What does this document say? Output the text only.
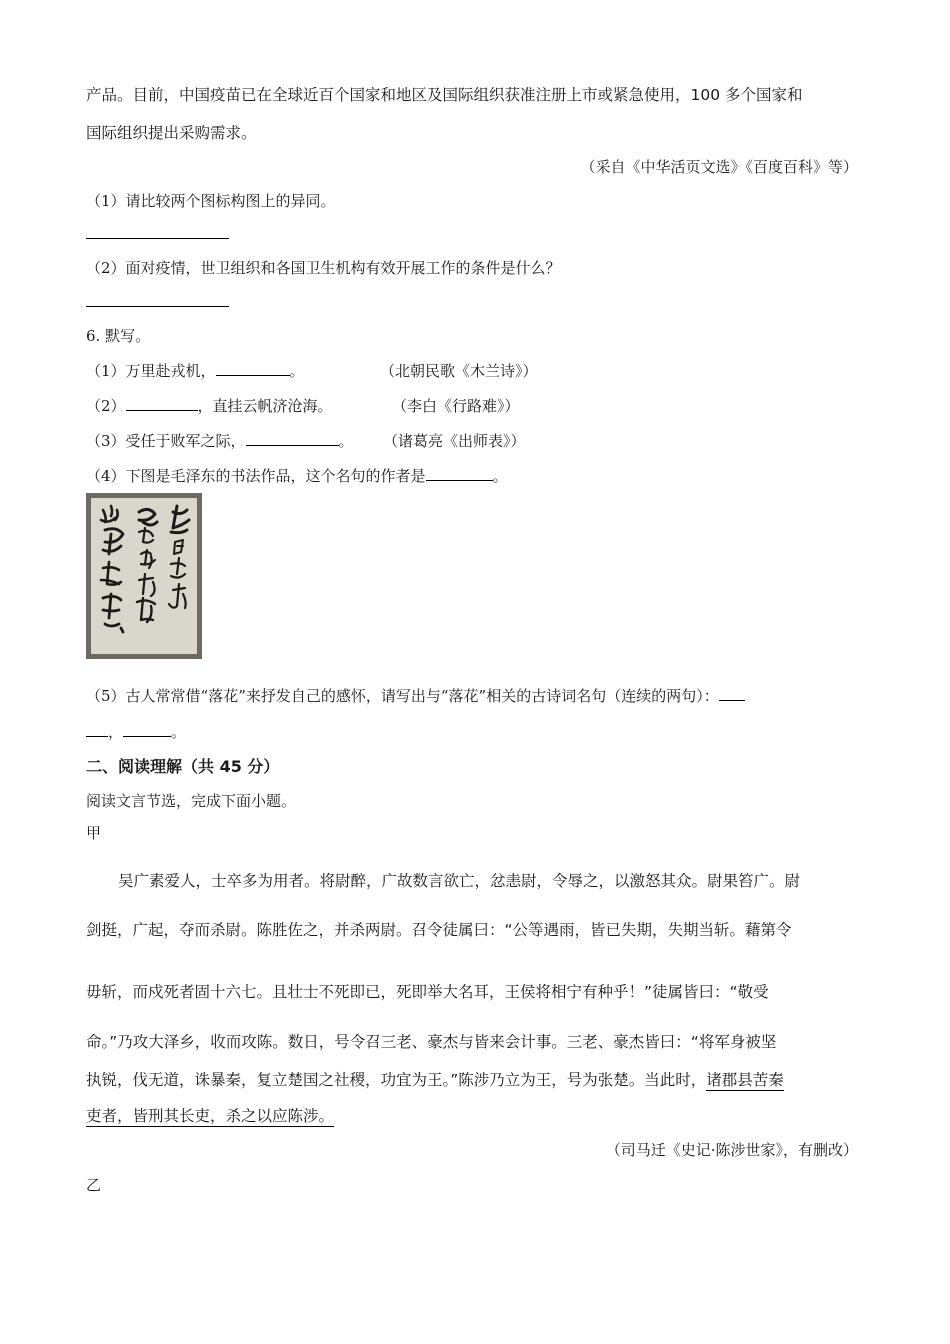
产品。目前，中国疫苗已在全球近百个国家和地区及国际组织获准注册上市或紧急使用，100 多个国家和
国际组织提出采购需求。
（采自《中华活页文选》《百度百科》等）
（1）请比较两个图标构图上的异同。
（2）面对疫情，世卫组织和各国卫生机构有效开展工作的条件是什么？
6. 默写。
（1）万里赴戎机，	。	（北朝民歌《木兰诗》）
（2）	，直挂云帆济沧海。	（李白《行路难》）
（3）受任于败军之际，	。 （诸葛亮《出师表》）
（4）下图是毛泽东的书法作品，这个名句的作者是	。
（5）古人常常借“落花”来抒发自己的感怀，请写出与“落花”相关的古诗词名句（连续的两句）：
，	。
二、阅读理解（共 45 分）
阅读文言节选，完成下面小题。
甲
吴广素爱人，士卒多为用者。将尉醉，广故数言欲亡，忿恚尉，令辱之，以激怒其众。尉果笞广。尉
剑挺，广起，夺而杀尉。陈胜佐之，并杀两尉。召令徒属曰：“公等遇雨，皆已失期，失期当斩。藉第令
毋斩，而戍死者固十六七。且壮士不死即已，死即举大名耳，王侯将相宁有种乎！”徒属皆曰：“敬受
命。”乃攻大泽乡，收而攻陈。数日，号令召三老、豪杰与皆来会计事。三老、豪杰皆曰：“将军身被坚
执锐，伐无道，诛暴秦，复立楚国之社稷，功宜为王。”陈涉乃立为王，号为张楚。当此时，诸郡县苦秦
吏者，皆刑其长吏，杀之以应陈涉。
（司马迁《史记·陈涉世家》，有删改）
乙
